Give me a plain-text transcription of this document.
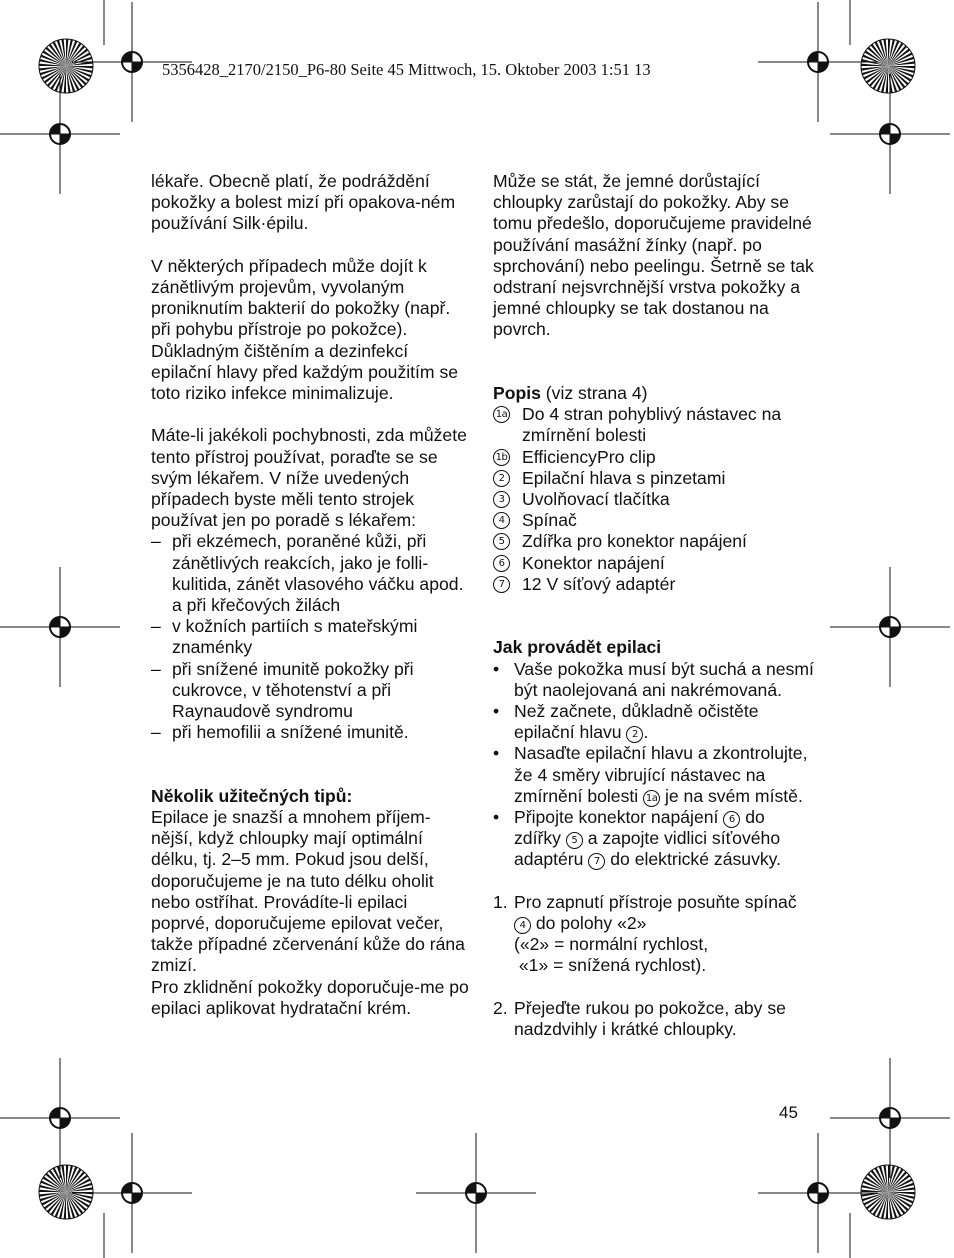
5356428_2170/2150_P6-80 Seite 45 Mittwoch, 15. Oktober 2003 1:51 13

lékaře. Obecně platí, že podráždění pokožky a bolest mizí při opakova-ném používání Silk·épilu.

V některých případech může dojít k zánětlivým projevům, vyvolaným proniknutím bakterií do pokožky (např. při pohybu přístroje po pokožce). Důkladným čištěním a dezinfekcí epilační hlavy před každým použitím se toto riziko infekce minimalizuje.

Máte-li jakékoli pochybnosti, zda můžete tento přístroj používat, poraďte se se svým lékařem. V níže uvedených případech byste měli tento strojek používat jen po poradě s lékařem:

– při ekzémech, poraněné kůži, při zánětlivých reakcích, jako je folli-kulitida, zánět vlasového váčku apod. a při křečových žilách
– v kožních partiích s mateřskými znaménky
– při snížené imunitě pokožky při cukrovce, v těhotenství a při Raynaudově syndromu
– při hemofilii a snížené imunitě.

Několik užitečných tipů:

Epilace je snazší a mnohem příjem-nější, když chloupky mají optimální délku, tj. 2–5 mm. Pokud jsou delší, doporučujeme je na tuto délku oholit nebo ostříhat. Provádíte-li epilaci poprvé, doporučujeme epilovat večer, takže případné zčervenání kůže do rána zmizí.

Pro zklidnění pokožky doporučuje-me po epilaci aplikovat hydratační krém.

Může se stát, že jemné dorůstající chloupky zarůstají do pokožky. Aby se tomu předešlo, doporučujeme pravidelné používání masážní žínky (např. po sprchování) nebo peelingu. Šetrně se tak odstraní nejsvrchnější vrstva pokožky a jemné chloupky se tak dostanou na povrch.

Popis (viz strana 4)

1a Do 4 stran pohyblivý nástavec na zmírnění bolesti
1b EfficiencyPro clip
2 Epilační hlava s pinzetami
3 Uvolňovací tlačítka
4 Spínač
5 Zdířka pro konektor napájení
6 Konektor napájení
7 12 V síťový adaptér

Jak provádět epilaci

• Vaše pokožka musí být suchá a nesmí být naolejovaná ani nakrémovaná.
• Než začnete, důkladně očistěte epilační hlavu 2 .
• Nasaďte epilační hlavu a zkontrolujte, že 4 směry vibrující nástavec na zmírnění bolesti 1a je na svém místě.
• Připojte konektor napájení 6 do zdířky 5 a zapojte vidlici síťového adaptéru 7 do elektrické zásuvky.
1. Pro zapnutí přístroje posuňte spínač 4 do polohy «2»
(«2» = normální rychlost,
«1» = snížená rychlost).
2. Přejeďte rukou po pokožce, aby se nadzdvihly i krátké chloupky.
45
